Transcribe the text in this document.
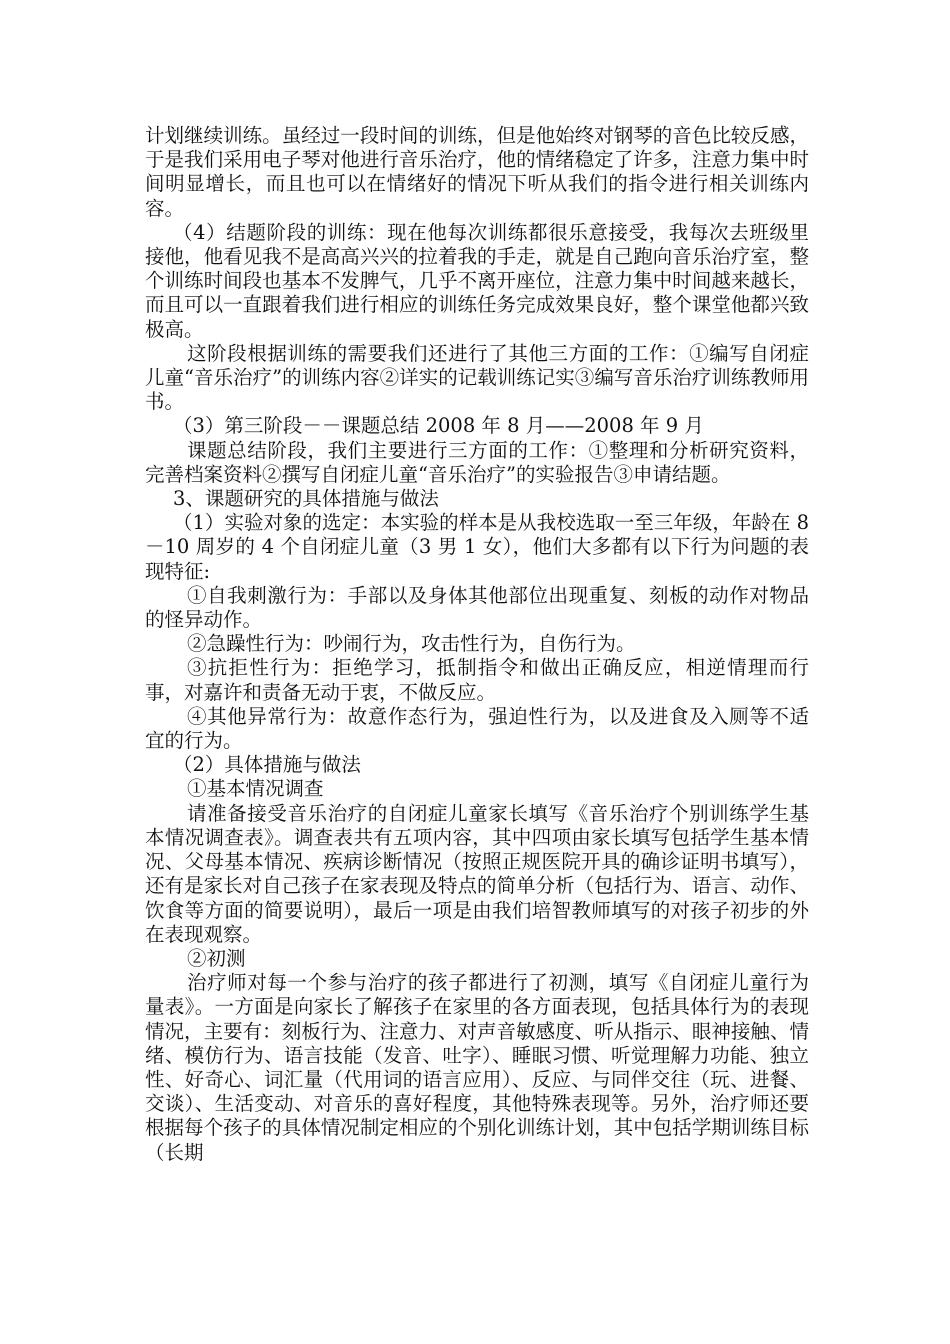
计划继续训练。虽经过一段时间的训练，但是他始终对钢琴的音色比较反感，于是我们采用电子琴对他进行音乐治疗，他的情绪稳定了许多，注意力集中时间明显增长，而且也可以在情绪好的情况下听从我们的指令进行相关训练内容。

（4）结题阶段的训练：现在他每次训练都很乐意接受，我每次去班级里接他，他看见我不是高高兴兴的拉着我的手走，就是自己跑向音乐治疗室，整个训练时间段也基本不发脾气，几乎不离开座位，注意力集中时间越来越长，而且可以一直跟着我们进行相应的训练任务完成效果良好，整个课堂他都兴致极高。

这阶段根据训练的需要我们还进行了其他三方面的工作：①编写自闭症儿童“音乐治疗”的训练内容②详实的记载训练记实③编写音乐治疗训练教师用书。

（3）第三阶段－－课题总结 2008 年 8 月——2008 年 9 月

课题总结阶段，我们主要进行三方面的工作：①整理和分析研究资料，完善档案资料②撰写自闭症儿童“音乐治疗”的实验报告③申请结题。

3、课题研究的具体措施与做法

（1）实验对象的选定：本实验的样本是从我校选取一至三年级，年龄在 8－10 周岁的 4 个自闭症儿童（3 男 1 女），他们大多都有以下行为问题的表现特征:

①自我刺激行为：手部以及身体其他部位出现重复、刻板的动作对物品的怪异动作。

②急躁性行为：吵闹行为，攻击性行为，自伤行为。

③抗拒性行为：拒绝学习，抵制指令和做出正确反应，相逆情理而行事，对嘉许和责备无动于衷，不做反应。

④其他异常行为：故意作态行为，强迫性行为，以及进食及入厕等不适宜的行为。

（2）具体措施与做法

①基本情况调查

请准备接受音乐治疗的自闭症儿童家长填写《音乐治疗个别训练学生基本情况调查表》。调查表共有五项内容，其中四项由家长填写包括学生基本情况、父母基本情况、疾病诊断情况（按照正规医院开具的确诊证明书填写），还有是家长对自己孩子在家表现及特点的简单分析（包括行为、语言、动作、饮食等方面的简要说明），最后一项是由我们培智教师填写的对孩子初步的外在表现观察。

②初测

治疗师对每一个参与治疗的孩子都进行了初测，填写《自闭症儿童行为量表》。一方面是向家长了解孩子在家里的各方面表现，包括具体行为的表现情况，主要有：刻板行为、注意力、对声音敏感度、听从指示、眼神接触、情绪、模仿行为、语言技能（发音、吐字）、睡眠习惯、听觉理解力功能、独立性、好奇心、词汇量（代用词的语言应用）、反应、与同伴交往（玩、进餐、交谈）、生活变动、对音乐的喜好程度，其他特殊表现等。另外，治疗师还要根据每个孩子的具体情况制定相应的个别化训练计划，其中包括学期训练目标（长期
